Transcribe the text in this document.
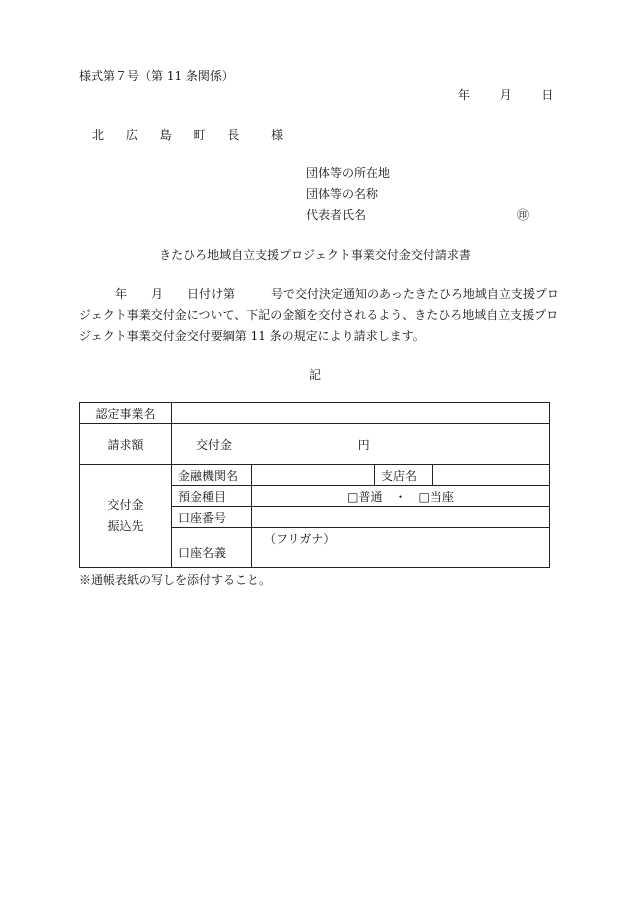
様式第７号（第 11 条関係）
年 月 日
北 広 島 町 長 様
団体等の所在地
団体等の名称
代表者氏名	㊞
きたひろ地域自立支援プロジェクト事業交付金交付請求書
年　　月　　日付け第　　　号で交付決定通知のあったきたひろ地域自立支援プロ
ジェクト事業交付金について、下記の金額を交付されるよう、きたひろ地域自立支援プロ
ジェクト事業交付金交付要綱第 11 条の規定により請求します。
記
認定事業名				
請求額	交付金 円			

交付金
振込先	金融機関名		支店名	
	預金種目	□普通　・　□当座		
	口座番号			
	口座名義	（フリガナ）		
※通帳表紙の写しを添付すること。
